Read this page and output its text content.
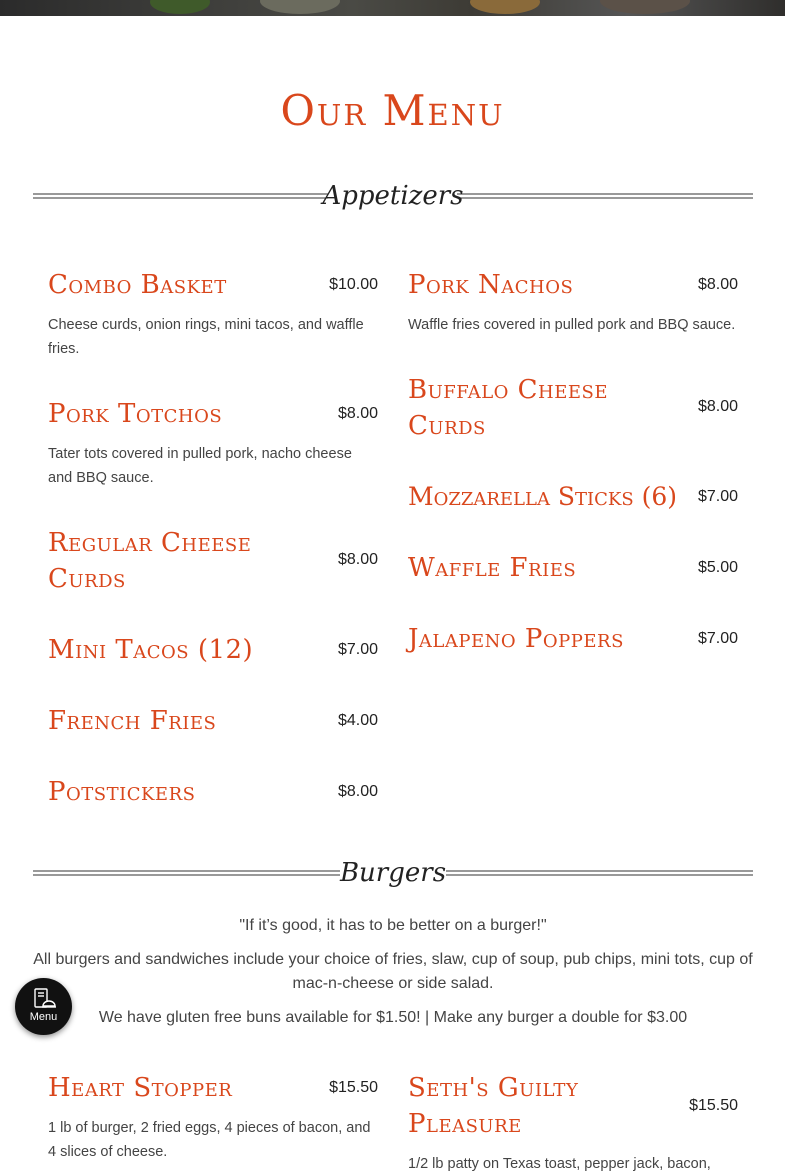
Our Menu
Appetizers
Combo Basket	$10.00
Cheese curds, onion rings, mini tacos, and waffle fries.
Pork Totchos	$8.00
Tater tots covered in pulled pork, nacho cheese and BBQ sauce.
Regular Cheese Curds
$8.00
Mini Tacos (12)	$7.00
French Fries	$4.00
Potstickers	$8.00
Pork Nachos	$8.00
Waffle fries covered in pulled pork and BBQ sauce.
Buffalo Cheese Curds
$8.00
Mozzarella Sticks (6) $7.00
Waffle Fries	$5.00
Jalapeno Poppers	$7.00
Burgers
"If it’s good, it has to be better on a burger!"
All burgers and sandwiches include your choice of fries, slaw, cup of soup, pub chips, mini tots, cup of mac-n-cheese or side salad.
We have gluten free buns available for $1.50! | Make any burger a double for $3.00
Heart Stopper	$15.50
1 lb of burger, 2 fried eggs, 4 pieces of bacon, and 4 slices of cheese.
Seth's Guilty Pleasure
$15.50
1/2 lb patty on Texas toast, pepper jack, bacon,
Menu
